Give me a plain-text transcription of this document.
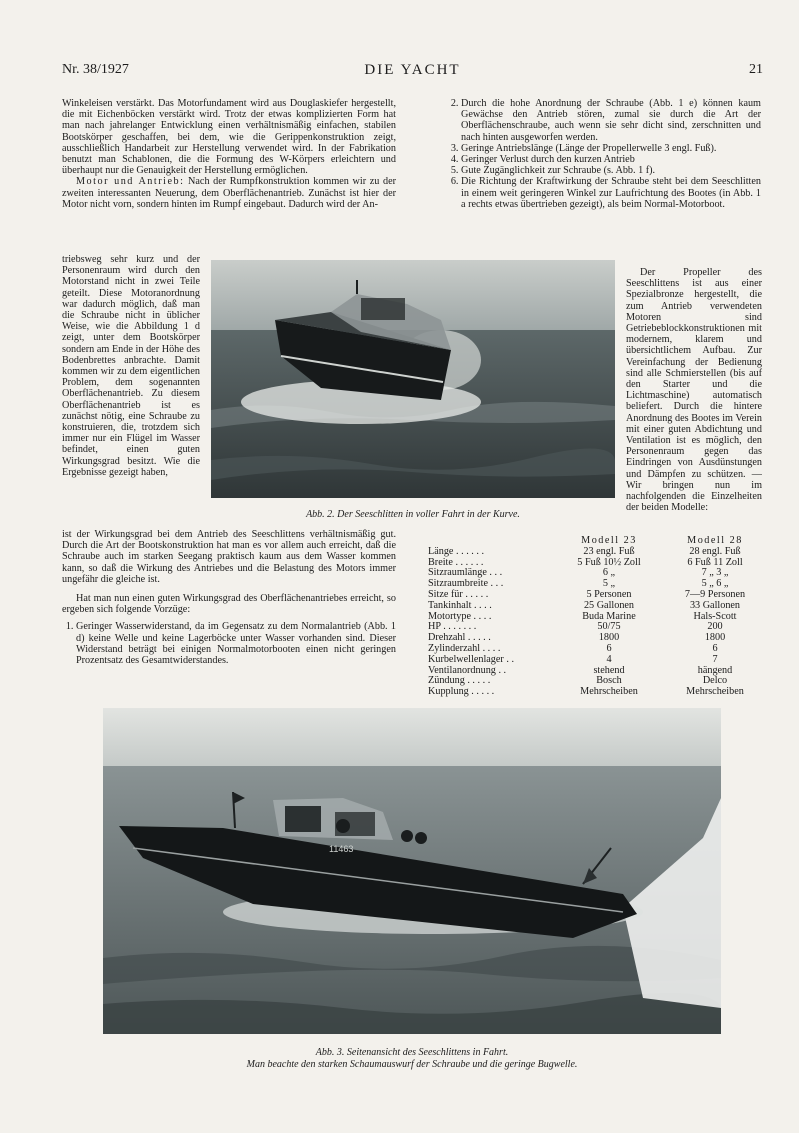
Nr. 38/1927	DIE YACHT	21

Winkeleisen verstärkt. Das Motorfundament wird aus Douglaskiefer hergestellt, die mit Eichenböcken verstärkt wird. Trotz der etwas komplizierten Form hat man nach jahrelanger Entwicklung einen verhältnismäßig einfachen, stabilen Bootskörper geschaffen, bei dem, wie die Gerippenkonstruktion zeigt, ausschließlich Handarbeit zur Herstellung verwendet wird. In der Fabrikation benutzt man Schablonen, die die Formung des W-Körpers erleichtern und überhaupt nur die Genauigkeit der Herstellung ermöglichen.

Motor und Antrieb: Nach der Rumpfkonstruktion kommen wir zu der zweiten interessanten Neuerung, dem Oberflächenantrieb. Zunächst ist hier der Motor nicht vorn, sondern hinten im Rumpf eingebaut. Dadurch wird der An-

triebsweg sehr kurz und der Personenraum wird durch den Motorstand nicht in zwei Teile geteilt. Diese Motoranordnung war dadurch möglich, daß man die Schraube nicht in üblicher Weise, wie die Abbildung 1 d zeigt, unter dem Bootskörper sondern am Ende in der Höhe des Bodenbrettes anbrachte. Damit kommen wir zu dem eigentlichen Problem, dem sogenannten Oberflächenantrieb. Zu diesem Oberflächenantrieb ist es zunächst nötig, eine Schraube zu konstruieren, die, trotzdem sich immer nur ein Flügel im Wasser befindet, einen guten Wirkungsgrad besitzt. Wie die Ergebnisse gezeigt haben,

ist der Wirkungsgrad bei dem Antrieb des Seeschlittens verhältnismäßig gut. Durch die Art der Bootskonstruktion hat man es vor allem auch erreicht, daß die Schraube auch im starken Seegang praktisch kaum aus dem Wasser kommen kann, so daß die Wirkung des Antriebes und die Belastung des Motors immer ungefähr die gleiche ist.

Hat man nun einen guten Wirkungsgrad des Oberflächenantriebes erreicht, so ergeben sich folgende Vorzüge:

1. Geringer Wasserwiderstand, da im Gegensatz zu dem Normalantrieb (Abb. 1 d) keine Welle und keine Lagerböcke unter Wasser vorhanden sind. Dieser Widerstand beträgt bei einigen Normalmotorbooten einen nicht geringen Prozentsatz des Gesamtwiderstandes.
2. Durch die hohe Anordnung der Schraube (Abb. 1 e) können kaum Gewächse den Antrieb stören, zumal sie durch die Art der Oberflächenschraube, auch wenn sie sehr dicht sind, zerschnitten und nach hinten ausgeworfen werden.
3. Geringe Antriebslänge (Länge der Propellerwelle 3 engl. Fuß).
4. Geringer Verlust durch den kurzen Antrieb
5. Gute Zugänglichkeit zur Schraube (s. Abb. 1 f).
6. Die Richtung der Kraftwirkung der Schraube steht bei dem Seeschlitten in einem weit geringeren Winkel zur Laufrichtung des Bootes (in Abb. 1 a rechts etwas übertrieben gezeigt), als beim Normal-Motorboot.

Der Propeller des Seeschlittens ist aus einer Spezialbronze hergestellt, die zum Antrieb verwendeten Motoren sind Getriebeblockkonstruktionen mit modernem, klarem und übersichtlichem Aufbau. Zur Vereinfachung der Bedienung sind alle Schmierstellen (bis auf den Starter und die Lichtmaschine) automatisch beliefert. Durch die hintere Anordnung des Bootes im Verein mit einer guten Abdichtung und Ventilation ist es möglich, den Personenraum gegen das Eindringen von Ausdünstungen und Dämpfen zu schützen. — Wir bringen nun im nachfolgenden die Einzelheiten der beiden Modelle:

Abb. 2. Der Seeschlitten in voller Fahrt in der Kurve.

	Modell 23	Modell 28
Länge . . . . . .	23 engl. Fuß	28 engl. Fuß
Breite . . . . . .	5 Fuß 10½ Zoll	6 Fuß 11 Zoll
Sitzraumlänge . . .	6 „	7 „ 3 „
Sitzraumbreite . . .	5 „	5 „ 6 „
Sitze für . . . . .	5 Personen	7—9 Personen
Tankinhalt . . . .	25 Gallonen	33 Gallonen
Motortype . . . .	Buda Marine	Hals-Scott
HP . . . . . . .	50/75	200
Drehzahl . . . . .	1800	1800
Zylinderzahl . . . .	6	6
Kurbelwellenlager . .	4	7
Ventilanordnung . .	stehend	hängend
Zündung . . . . .	Bosch	Delco
Kupplung . . . . .	Mehrscheiben	Mehrscheiben
11463

Abb. 3. Seitenansicht des Seeschlittens in Fahrt.
Man beachte den starken Schaumauswurf der Schraube und die geringe Bugwelle.
